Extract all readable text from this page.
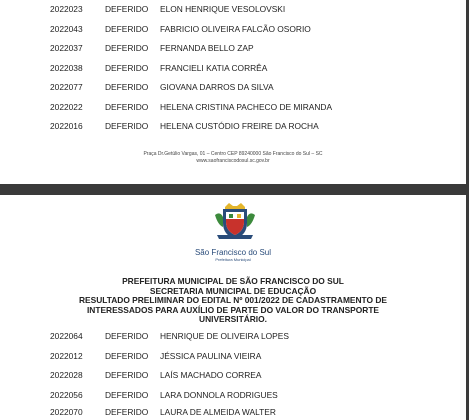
2022023	DEFERIDO ELON HENRIQUE VESOLOVSKI
2022043	DEFERIDO FABRICIO OLIVEIRA FALCÃO OSORIO
2022037	DEFERIDO FERNANDA BELLO ZAP
2022038	DEFERIDO FRANCIELI KATIA CORRÊA
2022077	DEFERIDO GIOVANA DARROS DA SILVA
2022022	DEFERIDO HELENA CRISTINA PACHECO DE MIRANDA
2022016	DEFERIDO HELENA CUSTÓDIO FREIRE DA ROCHA
Praça Dr.Getúlio Vargas, 01 – Centro CEP 89240000 São Francisco do Sul – SC
www.saofranciscodosul.sc.gov.br
São Francisco do Sul
Prefeitura Municipal
PREFEITURA MUNICIPAL DE SÃO FRANCISCO DO SUL
SECRETARIA MUNICIPAL DE EDUCAÇÃO
RESULTADO PRELIMINAR DO EDITAL Nº 001/2022 DE CADASTRAMENTO DE
INTERESSADOS PARA AUXÍLIO DE PARTE DO VALOR DO TRANSPORTE
UNIVERSITÁRIO.
2022064	DEFERIDO HENRIQUE DE OLIVEIRA LOPES
2022012	DEFERIDO JÉSSICA PAULINA VIEIRA
2022028	DEFERIDO LAÍS MACHADO CORREA
2022056	DEFERIDO LARA DONNOLA RODRIGUES
2022070	DEFERIDO LAURA DE ALMEIDA WALTER
